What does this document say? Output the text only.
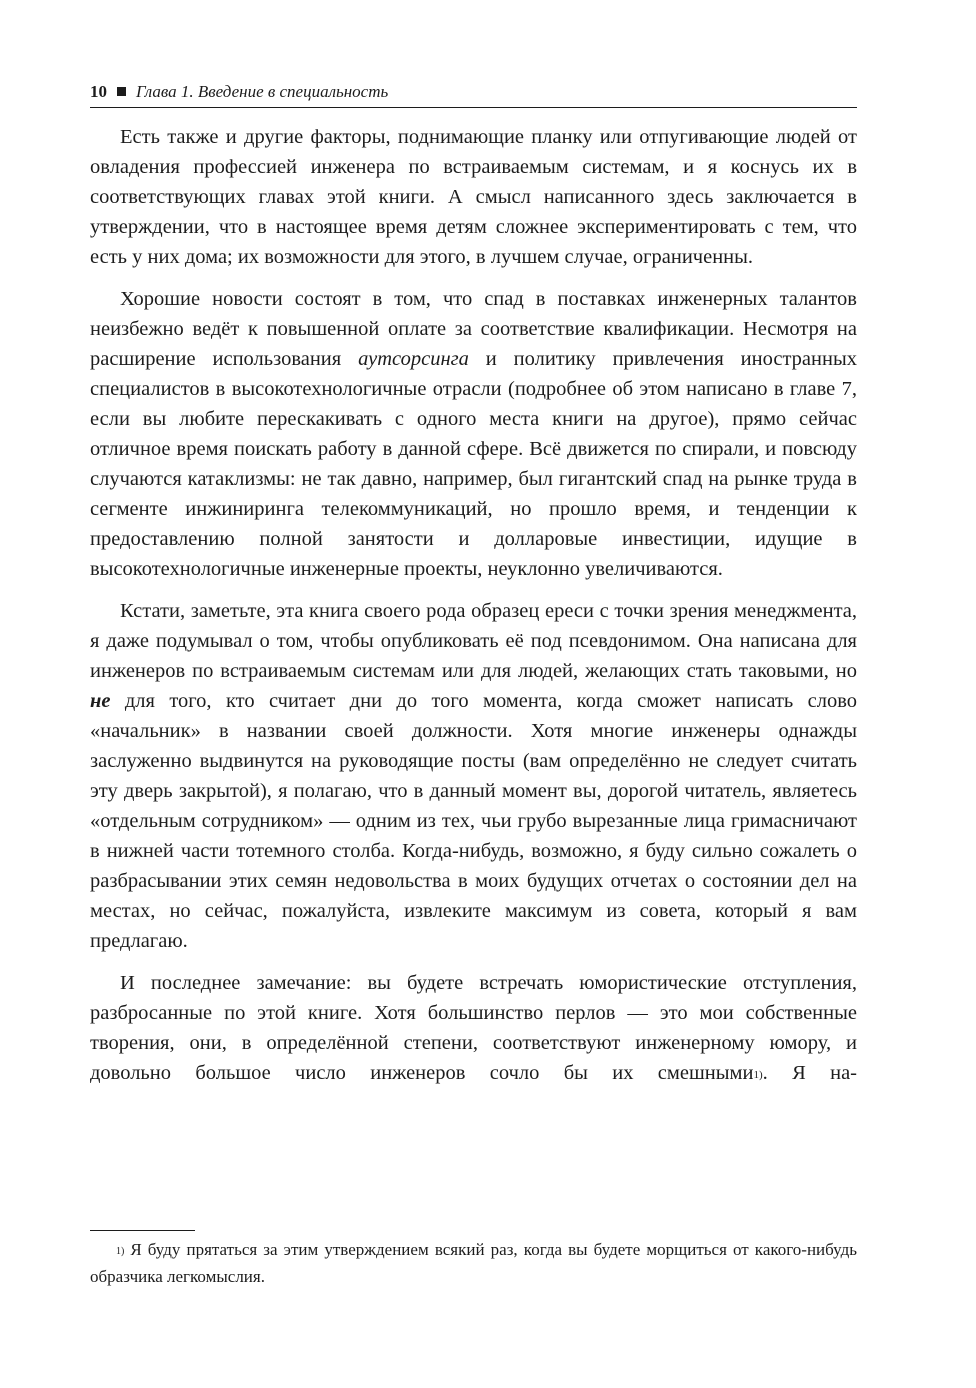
10 Глава 1. Введение в специальность

Есть также и другие факторы, поднимающие планку или отпугивающие людей от овладения профессией инженера по встраиваемым системам, и я коснусь их в соответствующих главах этой книги. А смысл написанного здесь заключается в утверждении, что в настоящее время детям сложнее экспериментировать с тем, что есть у них дома; их возможности для этого, в лучшем случае, ограниченны.

Хорошие новости состоят в том, что спад в поставках инженерных талантов неизбежно ведёт к повышенной оплате за соответствие квалификации. Несмотря на расширение использования аутсорсинга и политику привлечения иностранных специалистов в высокотехнологичные отрасли (подробнее об этом написано в главе 7, если вы любите перескакивать с одного места книги на другое), прямо сейчас отличное время поискать работу в данной сфере. Всё движется по спирали, и повсюду случаются катаклизмы: не так давно, например, был гигантский спад на рынке труда в сегменте инжиниринга телекоммуникаций, но прошло время, и тенденции к предоставлению полной занятости и долларовые инвестиции, идущие в высокотехнологичные инженерные проекты, неуклонно увеличиваются.

Кстати, заметьте, эта книга своего рода образец ереси с точки зрения менеджмента, я даже подумывал о том, чтобы опубликовать её под псевдонимом. Она написана для инженеров по встраиваемым системам или для людей, желающих стать таковыми, но не для того, кто считает дни до того момента, когда сможет написать слово «начальник» в названии своей должности. Хотя многие инженеры однажды заслуженно выдвинутся на руководящие посты (вам определённо не следует считать эту дверь закрытой), я полагаю, что в данный момент вы, дорогой читатель, являетесь «отдельным сотрудником» — одним из тех, чьи грубо вырезанные лица гримасничают в нижней части тотемного столба. Когда-нибудь, возможно, я буду сильно сожалеть о разбрасывании этих семян недовольства в моих будущих отчетах о состоянии дел на местах, но сейчас, пожалуйста, извлеките максимум из совета, который я вам предлагаю.

И последнее замечание: вы будете встречать юмористические отступления, разбросанные по этой книге. Хотя большинство перлов — это мои собственные творения, они, в определённой степени, соответствуют инженерному юмору, и довольно большое число инженеров сочло бы их смешными$^{1)}$. Я на-

$^{1)}$ Я буду прятаться за этим утверждением всякий раз, когда вы будете морщиться от какого-нибудь образчика легкомыслия.
